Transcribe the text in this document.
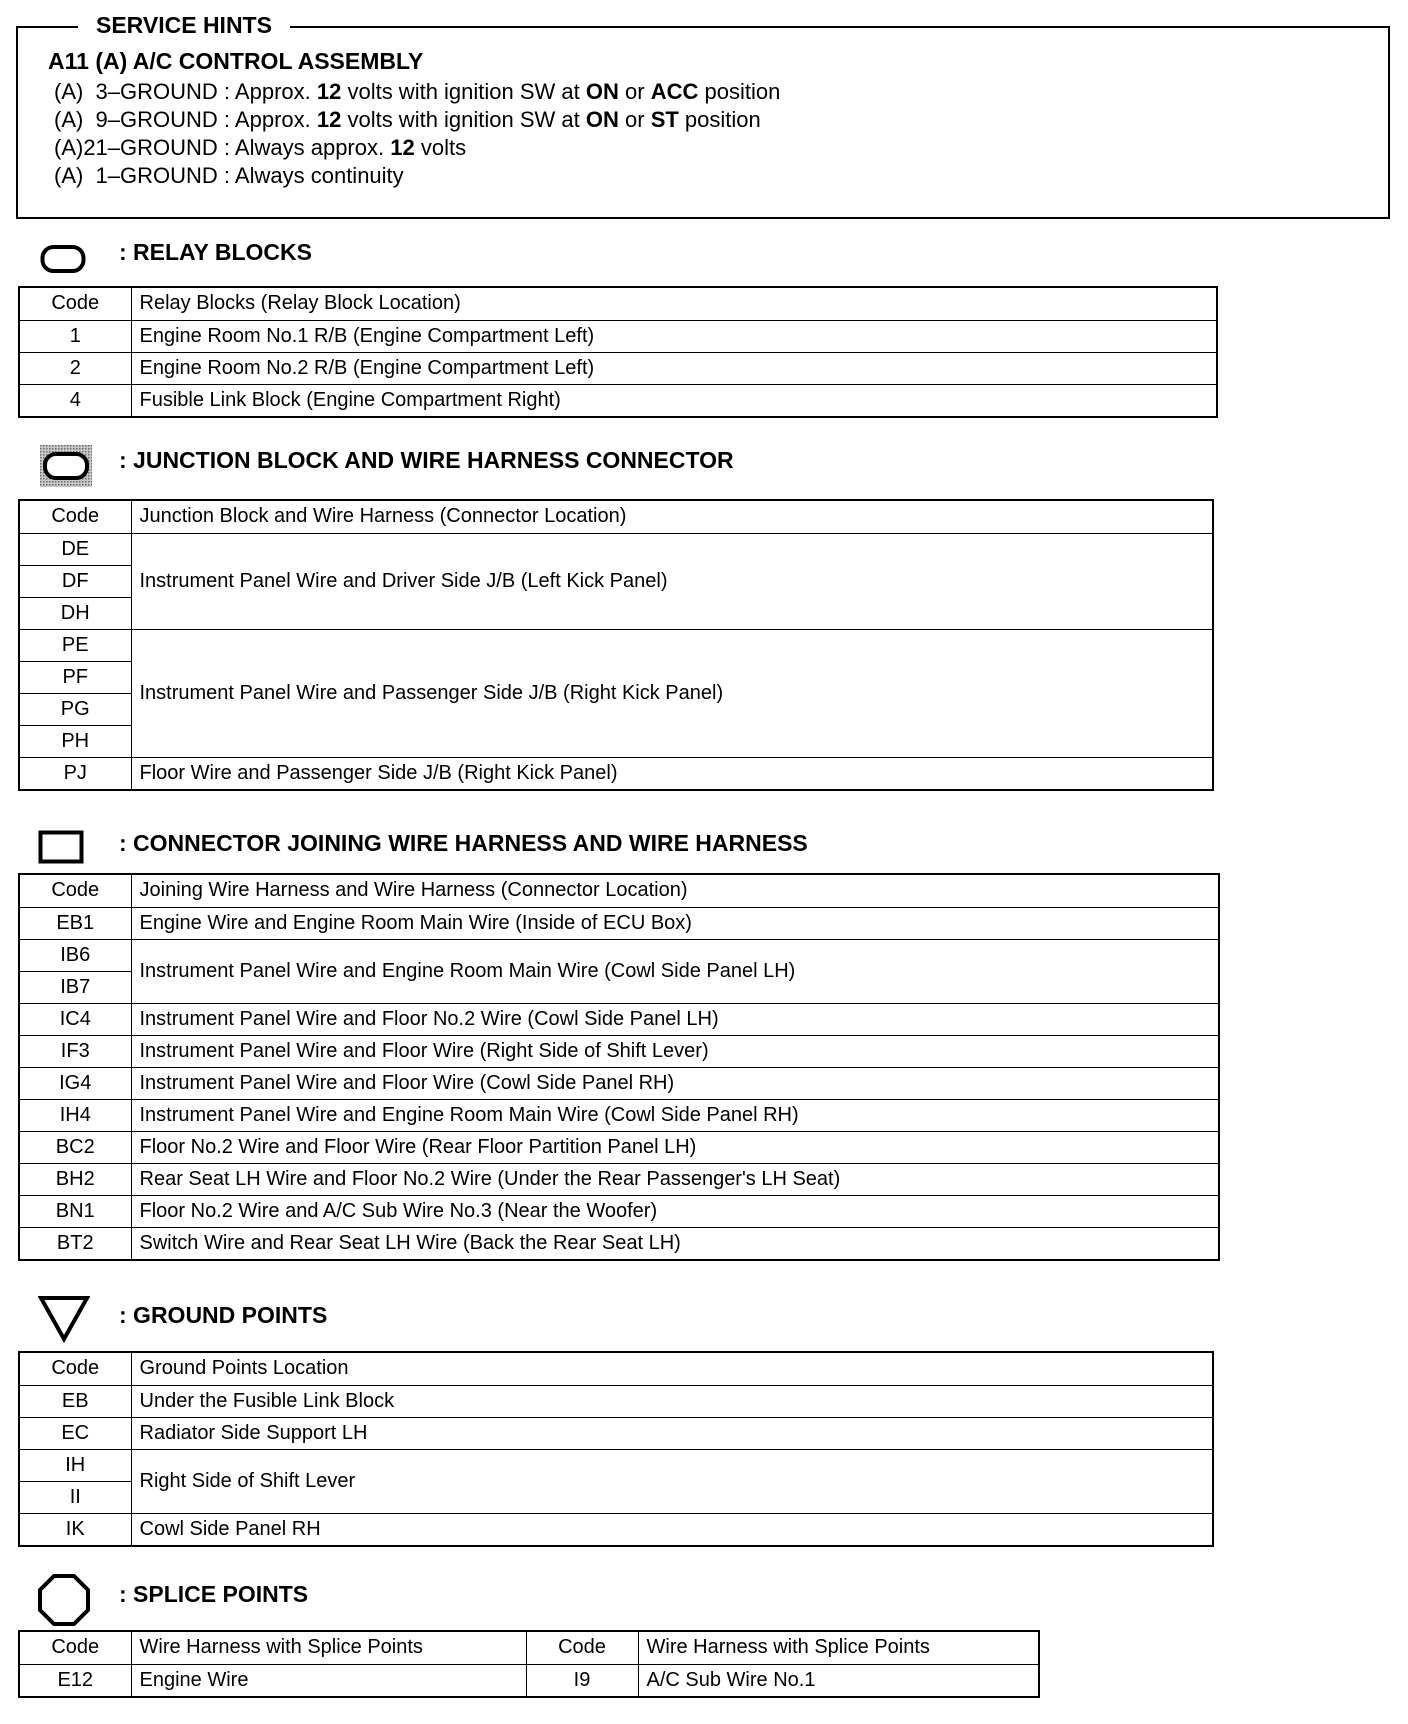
SERVICE HINTS
A11 (A) A/C CONTROL ASSEMBLY
(A)  3–GROUND : Approx. 12 volts with ignition SW at ON or ACC position
(A)  9–GROUND : Approx. 12 volts with ignition SW at ON or ST position
(A)21–GROUND : Always approx. 12 volts
(A)  1–GROUND : Always continuity
: RELAY BLOCKS
Code	Relay Blocks (Relay Block Location)
1	Engine Room No.1 R/B (Engine Compartment Left)
2	Engine Room No.2 R/B (Engine Compartment Left)
4	Fusible Link Block (Engine Compartment Right)
: JUNCTION BLOCK AND WIRE HARNESS CONNECTOR
Code	Junction Block and Wire Harness (Connector Location)
DE	Instrument Panel Wire and Driver Side J/B (Left Kick Panel)
DF	
DH	
PE	Instrument Panel Wire and Passenger Side J/B (Right Kick Panel)
PF	
PG	
PH	
PJ	Floor Wire and Passenger Side J/B (Right Kick Panel)
: CONNECTOR JOINING WIRE HARNESS AND WIRE HARNESS
Code	Joining Wire Harness and Wire Harness (Connector Location)
EB1	Engine Wire and Engine Room Main Wire (Inside of ECU Box)
IB6	Instrument Panel Wire and Engine Room Main Wire (Cowl Side Panel LH)
IB7	
IC4	Instrument Panel Wire and Floor No.2 Wire (Cowl Side Panel LH)
IF3	Instrument Panel Wire and Floor Wire (Right Side of Shift Lever)
IG4	Instrument Panel Wire and Floor Wire (Cowl Side Panel RH)
IH4	Instrument Panel Wire and Engine Room Main Wire (Cowl Side Panel RH)
BC2	Floor No.2 Wire and Floor Wire (Rear Floor Partition Panel LH)
BH2	Rear Seat LH Wire and Floor No.2 Wire (Under the Rear Passenger's LH Seat)
BN1	Floor No.2 Wire and A/C Sub Wire No.3 (Near the Woofer)
BT2	Switch Wire and Rear Seat LH Wire (Back the Rear Seat LH)
: GROUND POINTS
Code	Ground Points Location
EB	Under the Fusible Link Block
EC	Radiator Side Support LH
IH	Right Side of Shift Lever
II	
IK	Cowl Side Panel RH
: SPLICE POINTS
Code	Wire Harness with Splice Points	Code	Wire Harness with Splice Points
E12	Engine Wire	I9	A/C Sub Wire No.1
